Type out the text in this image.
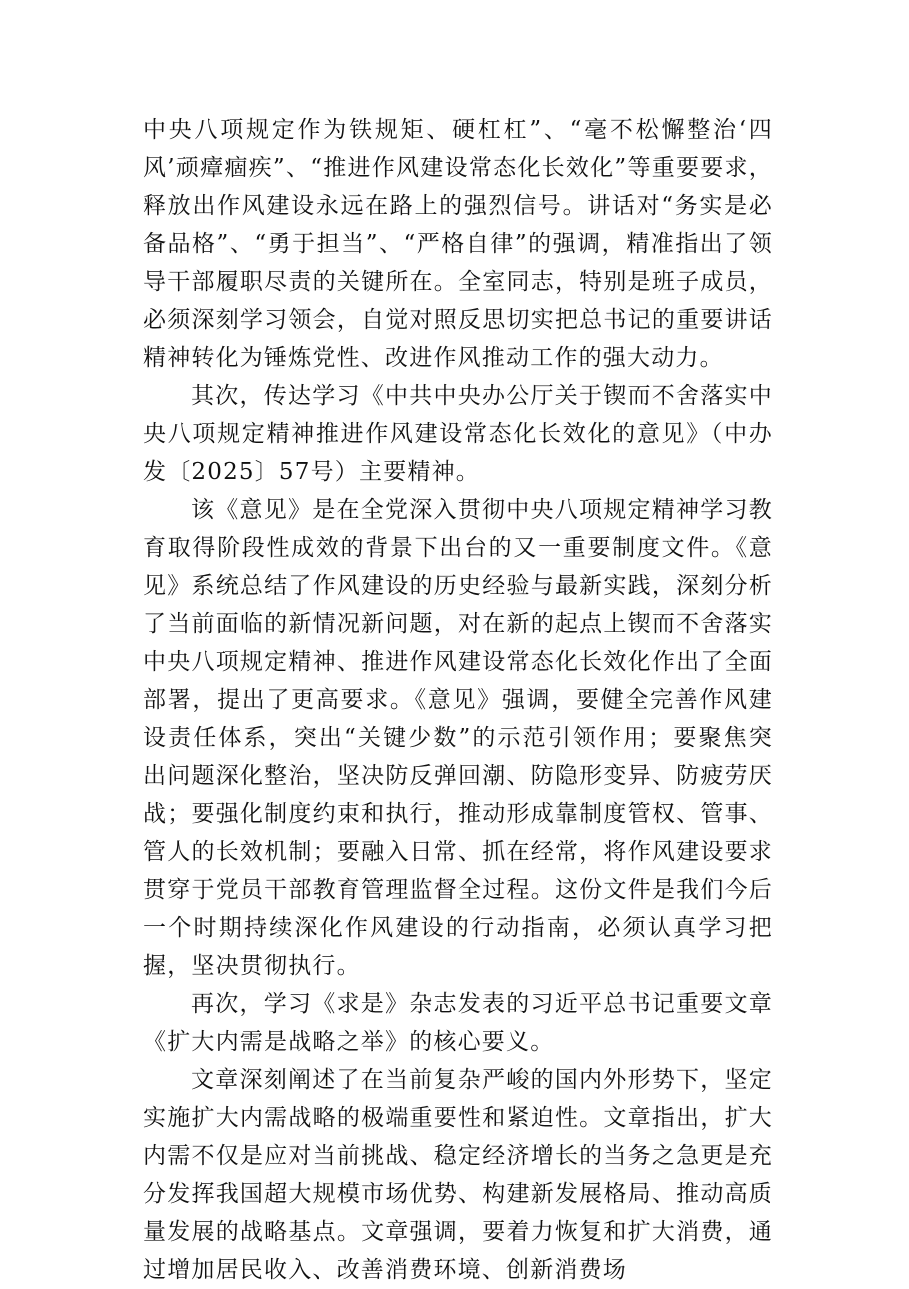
中央八项规定作为铁规矩、硬杠杠”、“毫不松懈整治‘四风’顽瘴痼疾”、“推进作风建设常态化长效化”等重要要求，释放出作风建设永远在路上的强烈信号。讲话对“务实是必备品格”、“勇于担当”、“严格自律”的强调，精准指出了领导干部履职尽责的关键所在。全室同志，特别是班子成员，必须深刻学习领会，自觉对照反思切实把总书记的重要讲话精神转化为锤炼党性、改进作风推动工作的强大动力。

其次，传达学习《中共中央办公厅关于锲而不舍落实中央八项规定精神推进作风建设常态化长效化的意见》（中办发〔2025〕57号）主要精神。

该《意见》是在全党深入贯彻中央八项规定精神学习教育取得阶段性成效的背景下出台的又一重要制度文件。《意见》系统总结了作风建设的历史经验与最新实践，深刻分析了当前面临的新情况新问题，对在新的起点上锲而不舍落实中央八项规定精神、推进作风建设常态化长效化作出了全面部署，提出了更高要求。《意见》强调，要健全完善作风建设责任体系，突出“关键少数”的示范引领作用；要聚焦突出问题深化整治，坚决防反弹回潮、防隐形变异、防疲劳厌战；要强化制度约束和执行，推动形成靠制度管权、管事、管人的长效机制；要融入日常、抓在经常，将作风建设要求贯穿于党员干部教育管理监督全过程。这份文件是我们今后一个时期持续深化作风建设的行动指南，必须认真学习把握，坚决贯彻执行。

再次，学习《求是》杂志发表的习近平总书记重要文章《扩大内需是战略之举》的核心要义。

文章深刻阐述了在当前复杂严峻的国内外形势下，坚定实施扩大内需战略的极端重要性和紧迫性。文章指出，扩大内需不仅是应对当前挑战、稳定经济增长的当务之急更是充分发挥我国超大规模市场优势、构建新发展格局、推动高质量发展的战略基点。文章强调，要着力恢复和扩大消费，通过增加居民收入、改善消费环境、创新消费场
